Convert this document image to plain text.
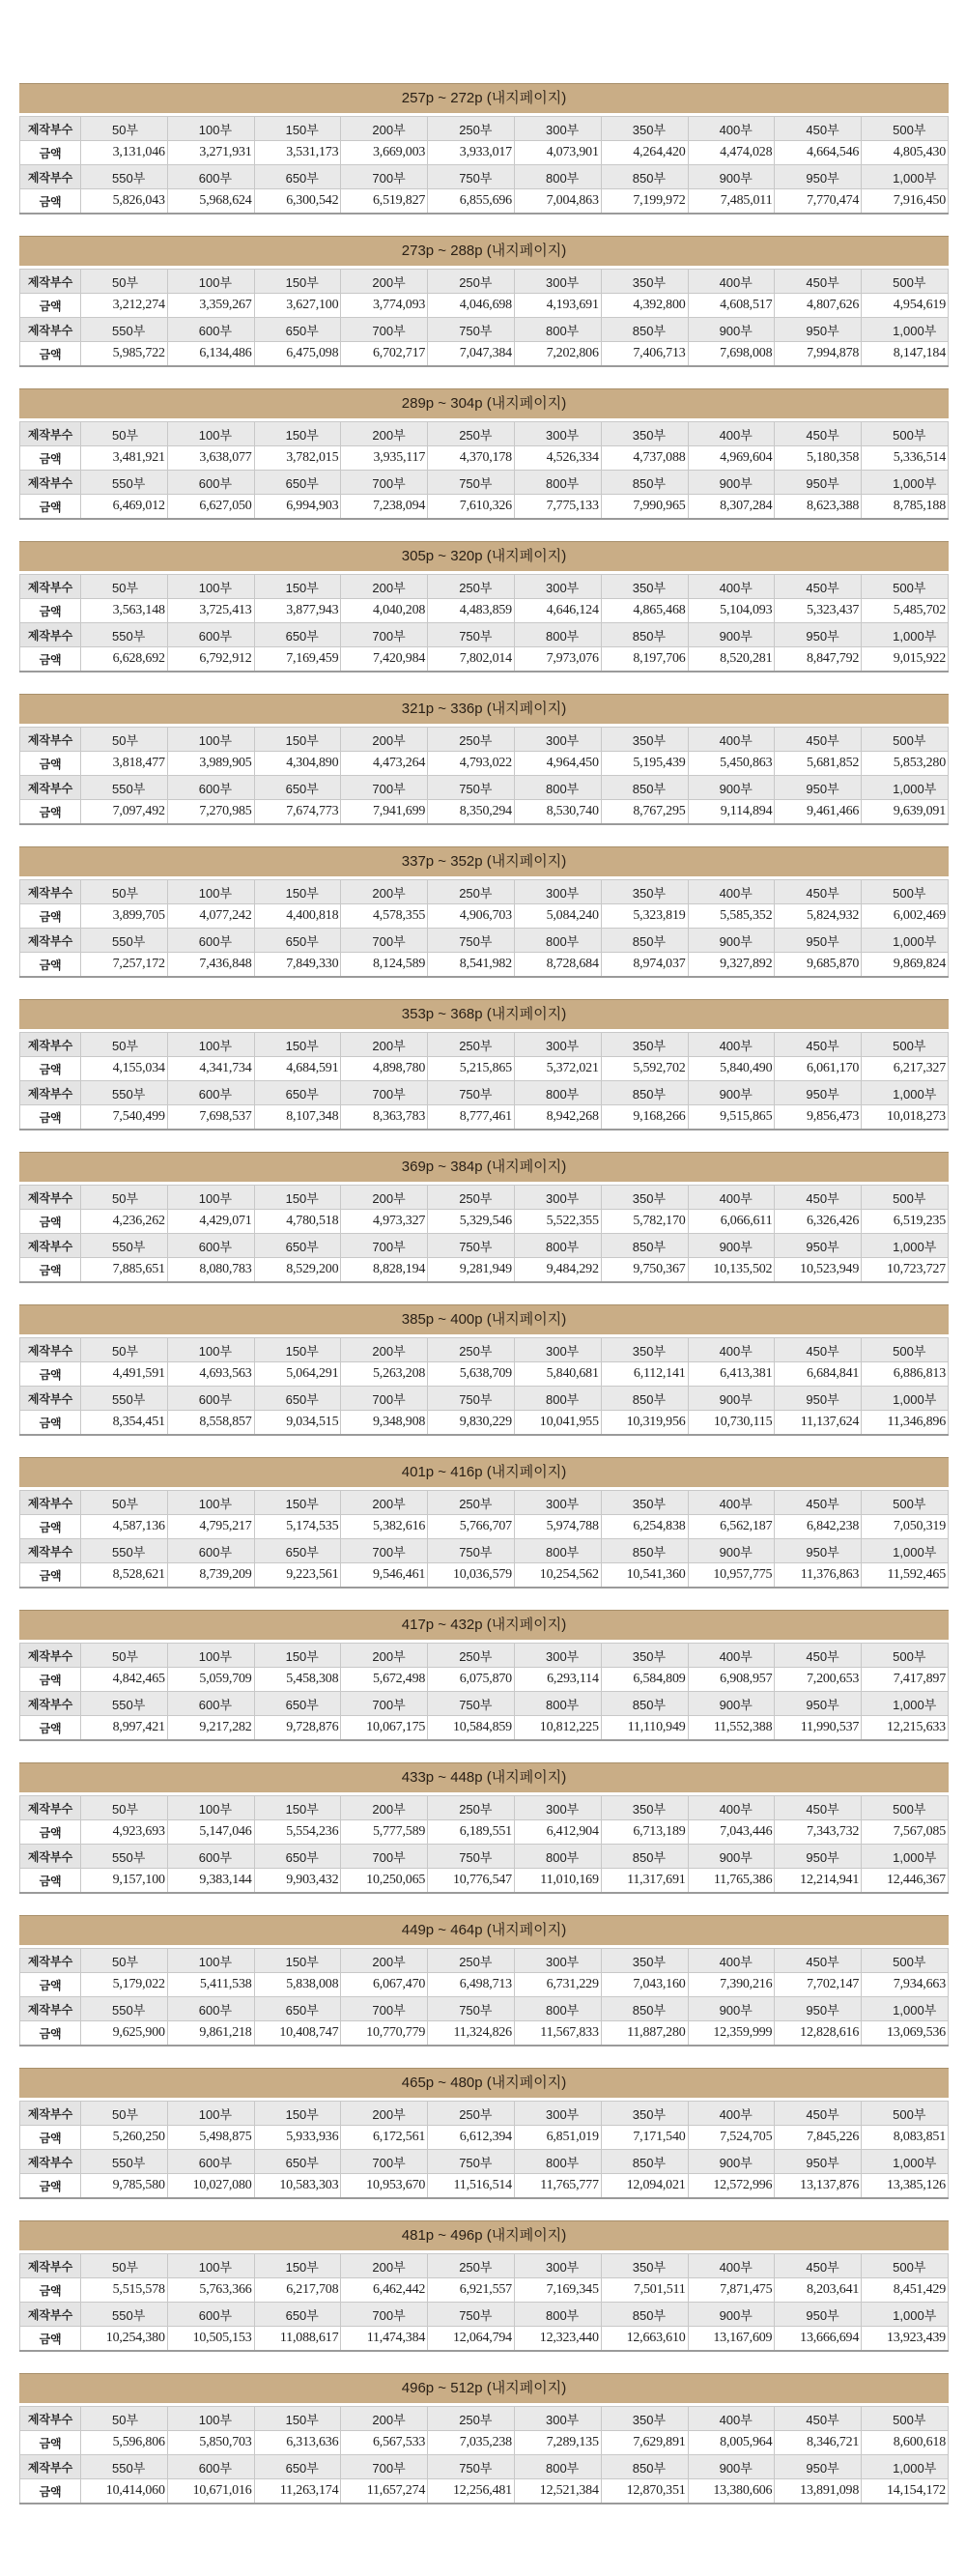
257p ~ 272p (내지페이지)
제작부수	50부	100부	150부	200부	250부	300부	350부	400부	450부	500부
금액	3,131,046	3,271,931	3,531,173	3,669,003	3,933,017	4,073,901	4,264,420	4,474,028	4,664,546	4,805,430
제작부수	550부	600부	650부	700부	750부	800부	850부	900부	950부	1,000부
금액	5,826,043	5,968,624	6,300,542	6,519,827	6,855,696	7,004,863	7,199,972	7,485,011	7,770,474	7,916,450
273p ~ 288p (내지페이지)
제작부수	50부	100부	150부	200부	250부	300부	350부	400부	450부	500부
금액	3,212,274	3,359,267	3,627,100	3,774,093	4,046,698	4,193,691	4,392,800	4,608,517	4,807,626	4,954,619
제작부수	550부	600부	650부	700부	750부	800부	850부	900부	950부	1,000부
금액	5,985,722	6,134,486	6,475,098	6,702,717	7,047,384	7,202,806	7,406,713	7,698,008	7,994,878	8,147,184
289p ~ 304p (내지페이지)
제작부수	50부	100부	150부	200부	250부	300부	350부	400부	450부	500부
금액	3,481,921	3,638,077	3,782,015	3,935,117	4,370,178	4,526,334	4,737,088	4,969,604	5,180,358	5,336,514
제작부수	550부	600부	650부	700부	750부	800부	850부	900부	950부	1,000부
금액	6,469,012	6,627,050	6,994,903	7,238,094	7,610,326	7,775,133	7,990,965	8,307,284	8,623,388	8,785,188
305p ~ 320p (내지페이지)
제작부수	50부	100부	150부	200부	250부	300부	350부	400부	450부	500부
금액	3,563,148	3,725,413	3,877,943	4,040,208	4,483,859	4,646,124	4,865,468	5,104,093	5,323,437	5,485,702
제작부수	550부	600부	650부	700부	750부	800부	850부	900부	950부	1,000부
금액	6,628,692	6,792,912	7,169,459	7,420,984	7,802,014	7,973,076	8,197,706	8,520,281	8,847,792	9,015,922
321p ~ 336p (내지페이지)
제작부수	50부	100부	150부	200부	250부	300부	350부	400부	450부	500부
금액	3,818,477	3,989,905	4,304,890	4,473,264	4,793,022	4,964,450	5,195,439	5,450,863	5,681,852	5,853,280
제작부수	550부	600부	650부	700부	750부	800부	850부	900부	950부	1,000부
금액	7,097,492	7,270,985	7,674,773	7,941,699	8,350,294	8,530,740	8,767,295	9,114,894	9,461,466	9,639,091
337p ~ 352p (내지페이지)
제작부수	50부	100부	150부	200부	250부	300부	350부	400부	450부	500부
금액	3,899,705	4,077,242	4,400,818	4,578,355	4,906,703	5,084,240	5,323,819	5,585,352	5,824,932	6,002,469
제작부수	550부	600부	650부	700부	750부	800부	850부	900부	950부	1,000부
금액	7,257,172	7,436,848	7,849,330	8,124,589	8,541,982	8,728,684	8,974,037	9,327,892	9,685,870	9,869,824
353p ~ 368p (내지페이지)
제작부수	50부	100부	150부	200부	250부	300부	350부	400부	450부	500부
금액	4,155,034	4,341,734	4,684,591	4,898,780	5,215,865	5,372,021	5,592,702	5,840,490	6,061,170	6,217,327
제작부수	550부	600부	650부	700부	750부	800부	850부	900부	950부	1,000부
금액	7,540,499	7,698,537	8,107,348	8,363,783	8,777,461	8,942,268	9,168,266	9,515,865	9,856,473	10,018,273
369p ~ 384p (내지페이지)
제작부수	50부	100부	150부	200부	250부	300부	350부	400부	450부	500부
금액	4,236,262	4,429,071	4,780,518	4,973,327	5,329,546	5,522,355	5,782,170	6,066,611	6,326,426	6,519,235
제작부수	550부	600부	650부	700부	750부	800부	850부	900부	950부	1,000부
금액	7,885,651	8,080,783	8,529,200	8,828,194	9,281,949	9,484,292	9,750,367	10,135,502	10,523,949	10,723,727
385p ~ 400p (내지페이지)
제작부수	50부	100부	150부	200부	250부	300부	350부	400부	450부	500부
금액	4,491,591	4,693,563	5,064,291	5,263,208	5,638,709	5,840,681	6,112,141	6,413,381	6,684,841	6,886,813
제작부수	550부	600부	650부	700부	750부	800부	850부	900부	950부	1,000부
금액	8,354,451	8,558,857	9,034,515	9,348,908	9,830,229	10,041,955	10,319,956	10,730,115	11,137,624	11,346,896
401p ~ 416p (내지페이지)
제작부수	50부	100부	150부	200부	250부	300부	350부	400부	450부	500부
금액	4,587,136	4,795,217	5,174,535	5,382,616	5,766,707	5,974,788	6,254,838	6,562,187	6,842,238	7,050,319
제작부수	550부	600부	650부	700부	750부	800부	850부	900부	950부	1,000부
금액	8,528,621	8,739,209	9,223,561	9,546,461	10,036,579	10,254,562	10,541,360	10,957,775	11,376,863	11,592,465
417p ~ 432p (내지페이지)
제작부수	50부	100부	150부	200부	250부	300부	350부	400부	450부	500부
금액	4,842,465	5,059,709	5,458,308	5,672,498	6,075,870	6,293,114	6,584,809	6,908,957	7,200,653	7,417,897
제작부수	550부	600부	650부	700부	750부	800부	850부	900부	950부	1,000부
금액	8,997,421	9,217,282	9,728,876	10,067,175	10,584,859	10,812,225	11,110,949	11,552,388	11,990,537	12,215,633
433p ~ 448p (내지페이지)
제작부수	50부	100부	150부	200부	250부	300부	350부	400부	450부	500부
금액	4,923,693	5,147,046	5,554,236	5,777,589	6,189,551	6,412,904	6,713,189	7,043,446	7,343,732	7,567,085
제작부수	550부	600부	650부	700부	750부	800부	850부	900부	950부	1,000부
금액	9,157,100	9,383,144	9,903,432	10,250,065	10,776,547	11,010,169	11,317,691	11,765,386	12,214,941	12,446,367
449p ~ 464p (내지페이지)
제작부수	50부	100부	150부	200부	250부	300부	350부	400부	450부	500부
금액	5,179,022	5,411,538	5,838,008	6,067,470	6,498,713	6,731,229	7,043,160	7,390,216	7,702,147	7,934,663
제작부수	550부	600부	650부	700부	750부	800부	850부	900부	950부	1,000부
금액	9,625,900	9,861,218	10,408,747	10,770,779	11,324,826	11,567,833	11,887,280	12,359,999	12,828,616	13,069,536
465p ~ 480p (내지페이지)
제작부수	50부	100부	150부	200부	250부	300부	350부	400부	450부	500부
금액	5,260,250	5,498,875	5,933,936	6,172,561	6,612,394	6,851,019	7,171,540	7,524,705	7,845,226	8,083,851
제작부수	550부	600부	650부	700부	750부	800부	850부	900부	950부	1,000부
금액	9,785,580	10,027,080	10,583,303	10,953,670	11,516,514	11,765,777	12,094,021	12,572,996	13,137,876	13,385,126
481p ~ 496p (내지페이지)
제작부수	50부	100부	150부	200부	250부	300부	350부	400부	450부	500부
금액	5,515,578	5,763,366	6,217,708	6,462,442	6,921,557	7,169,345	7,501,511	7,871,475	8,203,641	8,451,429
제작부수	550부	600부	650부	700부	750부	800부	850부	900부	950부	1,000부
금액	10,254,380	10,505,153	11,088,617	11,474,384	12,064,794	12,323,440	12,663,610	13,167,609	13,666,694	13,923,439
496p ~ 512p (내지페이지)
제작부수	50부	100부	150부	200부	250부	300부	350부	400부	450부	500부
금액	5,596,806	5,850,703	6,313,636	6,567,533	7,035,238	7,289,135	7,629,891	8,005,964	8,346,721	8,600,618
제작부수	550부	600부	650부	700부	750부	800부	850부	900부	950부	1,000부
금액	10,414,060	10,671,016	11,263,174	11,657,274	12,256,481	12,521,384	12,870,351	13,380,606	13,891,098	14,154,172
